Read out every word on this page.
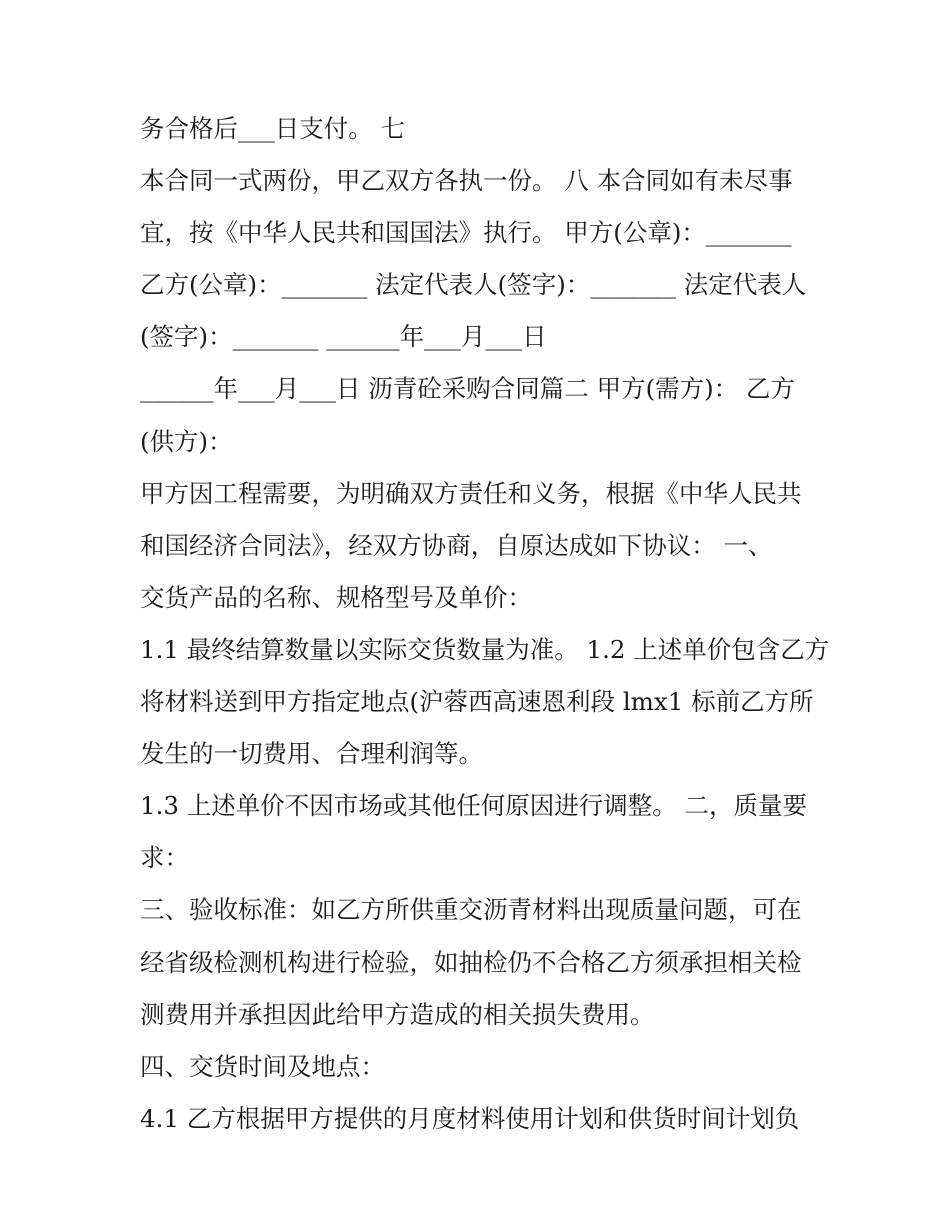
务合格后___日支付。 七
本合同一式两份，甲乙双方各执一份。 八 本合同如有未尽事
宜，按《中华人民共和国国法》执行。 甲方(公章)：_______
乙方(公章)：_______ 法定代表人(签字)：_______ 法定代表人
(签字)：_______ ______年___月___日
______年___月___日 沥青砼采购合同篇二 甲方(需方)： 乙方
(供方)：
甲方因工程需要，为明确双方责任和义务，根据《中华人民共
和国经济合同法》，经双方协商，自原达成如下协议： 一、
交货产品的名称、规格型号及单价：
1.1 最终结算数量以实际交货数量为准。 1.2 上述单价包含乙方
将材料送到甲方指定地点(沪蓉西高速恩利段 lmx1 标前乙方所
发生的一切费用、合理利润等。
1.3 上述单价不因市场或其他任何原因进行调整。 二，质量要
求：
三、验收标准：如乙方所供重交沥青材料出现质量问题，可在
经省级检测机构进行检验，如抽检仍不合格乙方须承担相关检
测费用并承担因此给甲方造成的相关损失费用。
四、交货时间及地点：
4.1 乙方根据甲方提供的月度材料使用计划和供货时间计划负
